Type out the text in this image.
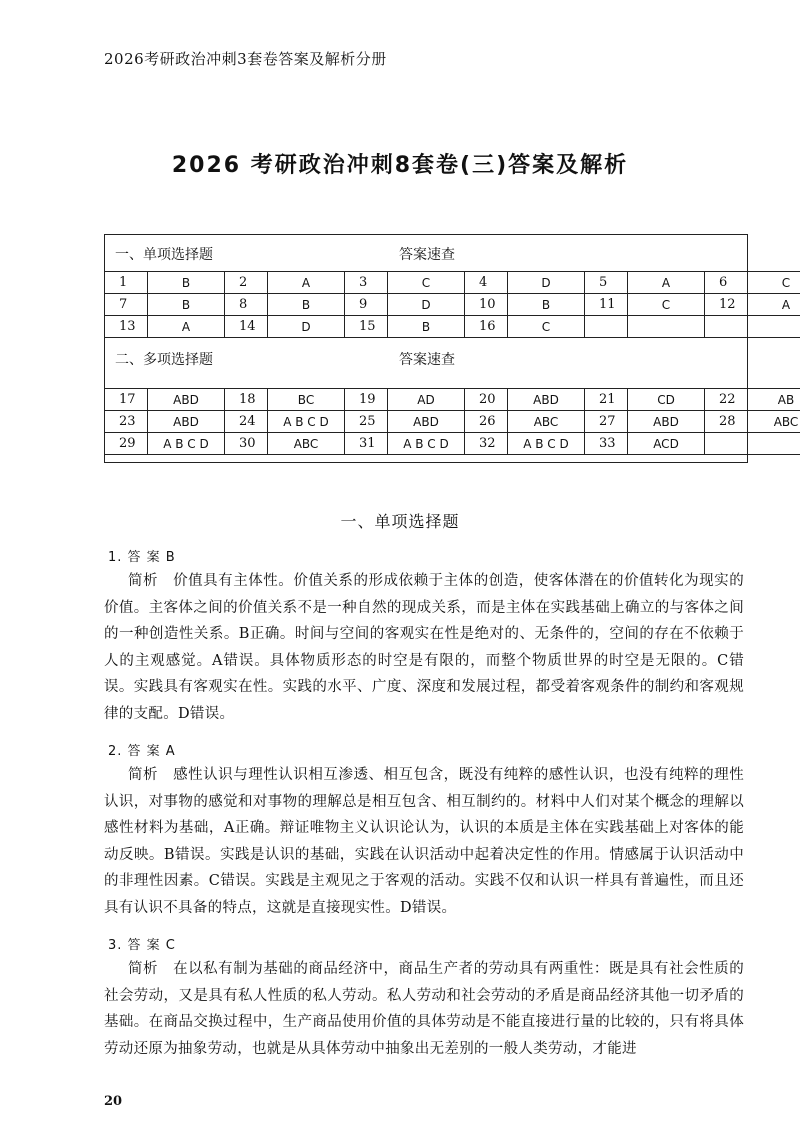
2026考研政治冲刺3套卷答案及解析分册
2026 考研政治冲刺8套卷(三)答案及解析
一、单项选择题	答案速查
1	B	2	A	3	C	4	D	5	A	6	C
7	B	8	B	9	D	10	B	11	C	12	A
13	A	14	D	15	B	16	C				
二、多项选择题	答案速查
17	ABD	18	BC	19	AD	20	ABD	21	CD	22	AB
23	ABD	24	A B C D	25	ABD	26	ABC	27	ABD	28	ABC
29	A B C D	30	ABC	31	A B C D	32	A B C D	33	ACD		
一、单项选择题
1. 答 案 B
简析　价值具有主体性。价值关系的形成依赖于主体的创造，使客体潜在的价值转化为现实的价值。主客体之间的价值关系不是一种自然的现成关系，而是主体在实践基础上确立的与客体之间的一种创造性关系。B正确。时间与空间的客观实在性是绝对的、无条件的，空间的存在不依赖于人的主观感觉。A错误。具体物质形态的时空是有限的，而整个物质世界的时空是无限的。C错误。实践具有客观实在性。实践的水平、广度、深度和发展过程，都受着客观条件的制约和客观规律的支配。D错误。
2. 答 案 A
简析　感性认识与理性认识相互渗透、相互包含，既没有纯粹的感性认识，也没有纯粹的理性认识，对事物的感觉和对事物的理解总是相互包含、相互制约的。材料中人们对某个概念的理解以感性材料为基础，A正确。辩证唯物主义认识论认为，认识的本质是主体在实践基础上对客体的能动反映。B错误。实践是认识的基础，实践在认识活动中起着决定性的作用。情感属于认识活动中的非理性因素。C错误。实践是主观见之于客观的活动。实践不仅和认识一样具有普遍性，而且还具有认识不具备的特点，这就是直接现实性。D错误。
3. 答 案 C
简析　在以私有制为基础的商品经济中，商品生产者的劳动具有两重性：既是具有社会性质的社会劳动，又是具有私人性质的私人劳动。私人劳动和社会劳动的矛盾是商品经济其他一切矛盾的基础。在商品交换过程中，生产商品使用价值的具体劳动是不能直接进行量的比较的，只有将具体劳动还原为抽象劳动，也就是从具体劳动中抽象出无差别的一般人类劳动，才能进
20
